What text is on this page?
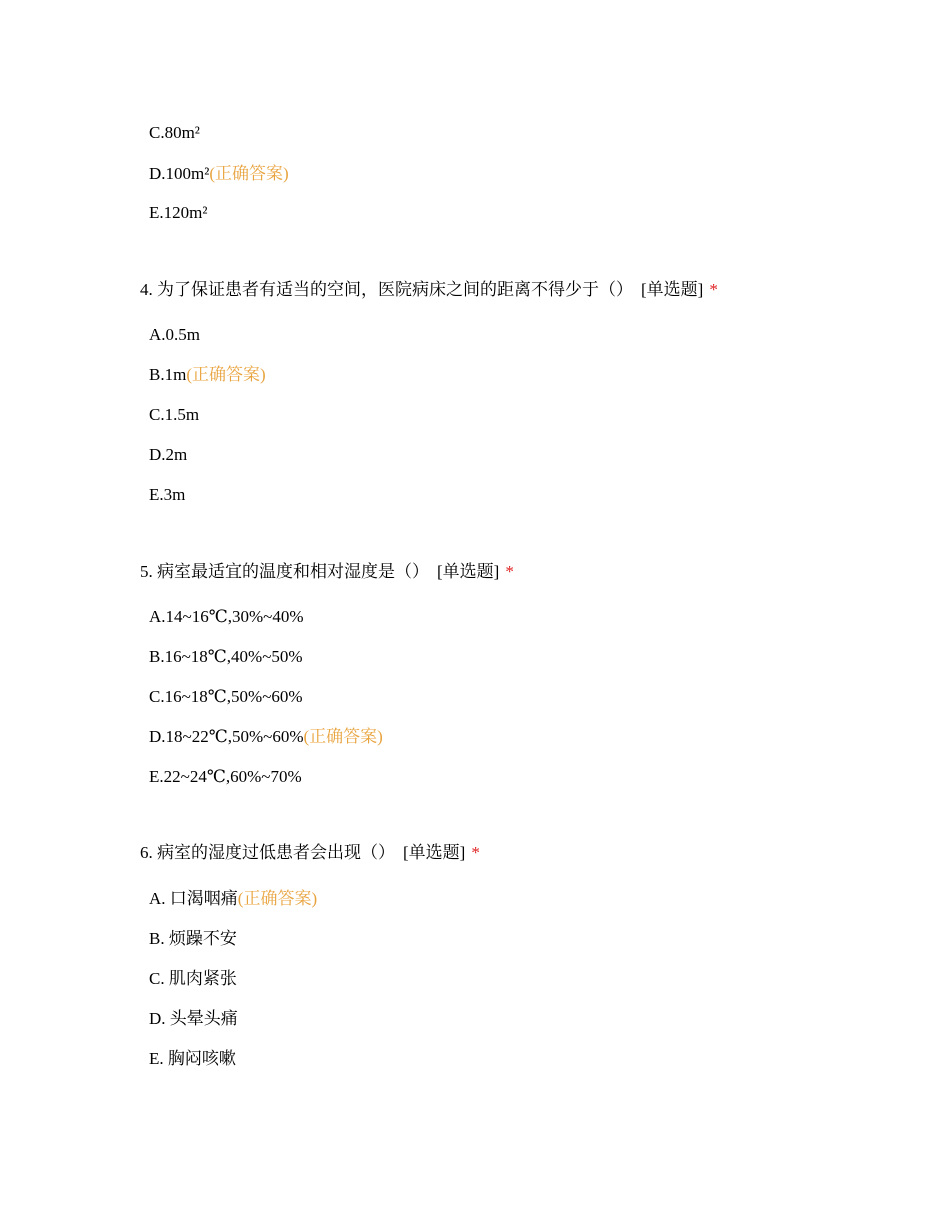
C.80m²
D.100m²(正确答案)
E.120m²
4. 为了保证患者有适当的空间，医院病床之间的距离不得少于（） [单选题] *
A.0.5m
B.1m(正确答案)
C.1.5m
D.2m
E.3m
5. 病室最适宜的温度和相对湿度是（） [单选题] *
A.14~16℃,30%~40%
B.16~18℃,40%~50%
C.16~18℃,50%~60%
D.18~22℃,50%~60%(正确答案)
E.22~24℃,60%~70%
6. 病室的湿度过低患者会出现（） [单选题] *
A. 口渴咽痛(正确答案)
B. 烦躁不安
C. 肌肉紧张
D. 头晕头痛
E. 胸闷咳嗽
